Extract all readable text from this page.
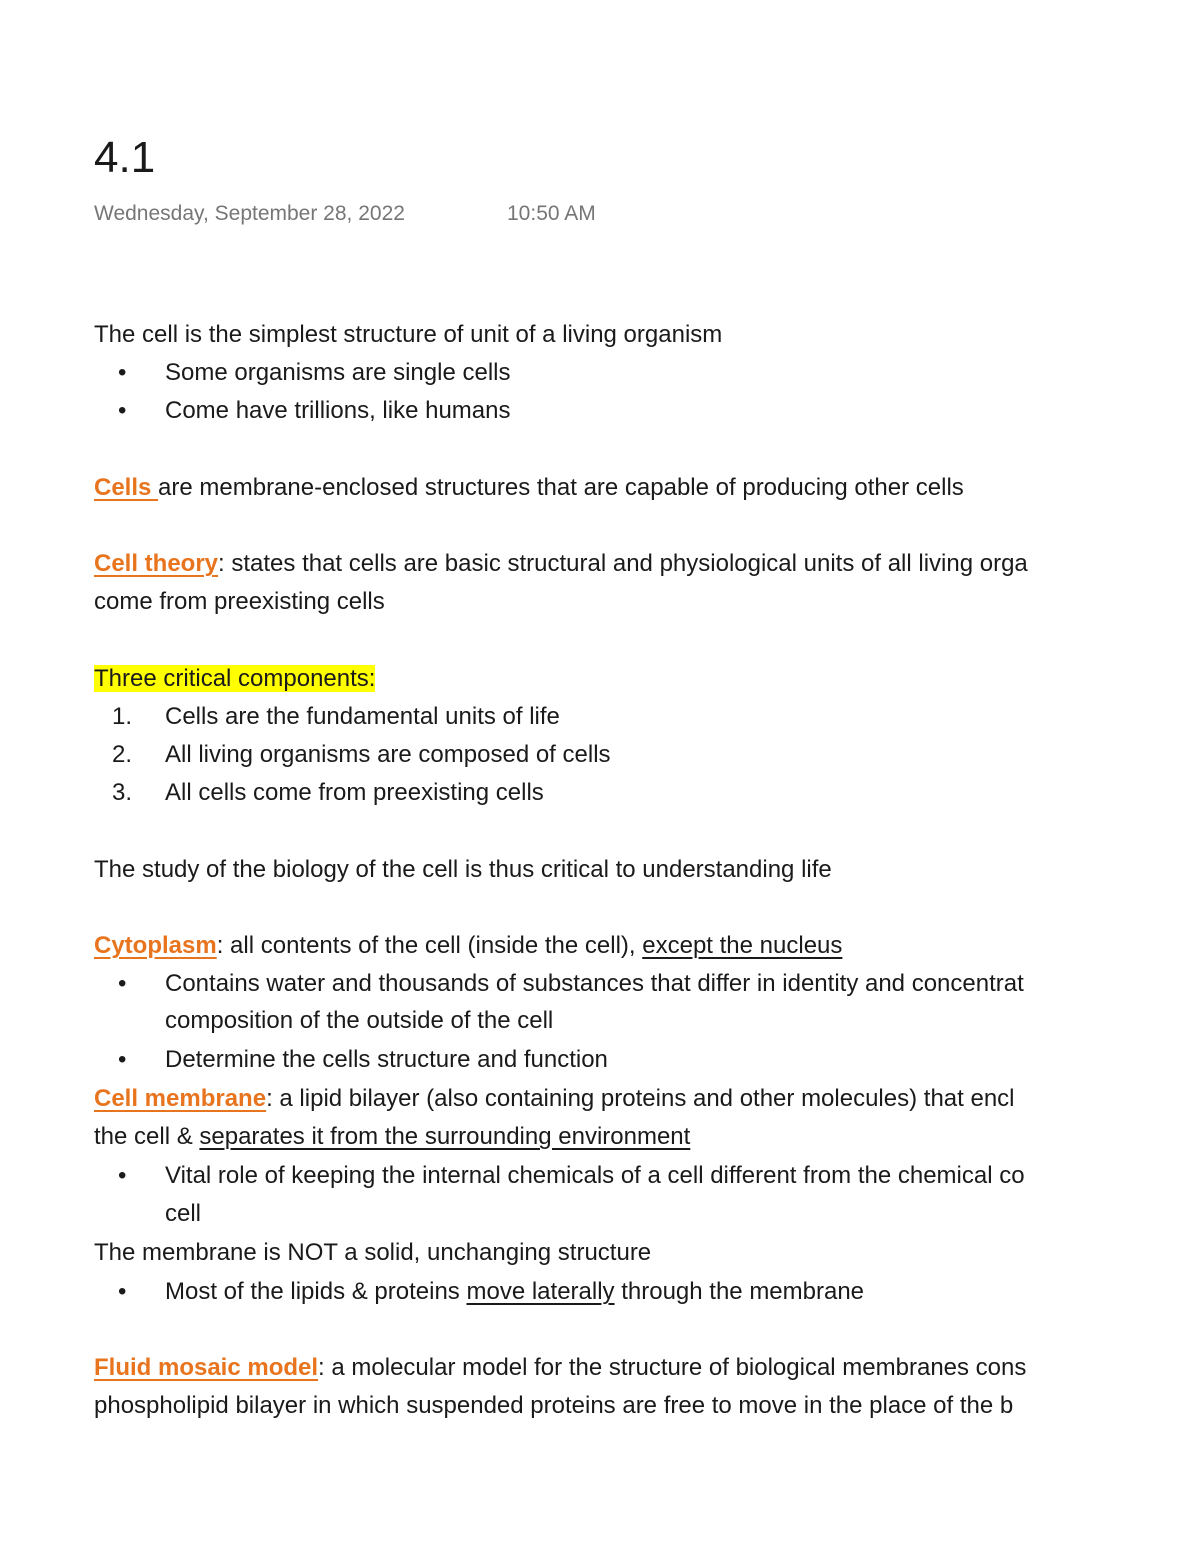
4.1
Wednesday, September 28, 2022	10:50 AM
The cell is the simplest structure of unit of a living organism
• Some organisms are single cells
• Come have trillions, like humans
Cells are membrane-enclosed structures that are capable of producing other cells
Cell theory: states that cells are basic structural and physiological units of all living orga
come from preexisting cells
Three critical components:
1. Cells are the fundamental units of life
2. All living organisms are composed of cells
3. All cells come from preexisting cells
The study of the biology of the cell is thus critical to understanding life
Cytoplasm: all contents of the cell (inside the cell), except the nucleus
• Contains water and thousands of substances that differ in identity and concentrat
composition of the outside of the cell
• Determine the cells structure and function
Cell membrane: a lipid bilayer (also containing proteins and other molecules) that encl
the cell & separates it from the surrounding environment
• Vital role of keeping the internal chemicals of a cell different from the chemical co
cell
The membrane is NOT a solid, unchanging structure
• Most of the lipids & proteins move laterally through the membrane
Fluid mosaic model: a molecular model for the structure of biological membranes cons
phospholipid bilayer in which suspended proteins are free to move in the place of the b
